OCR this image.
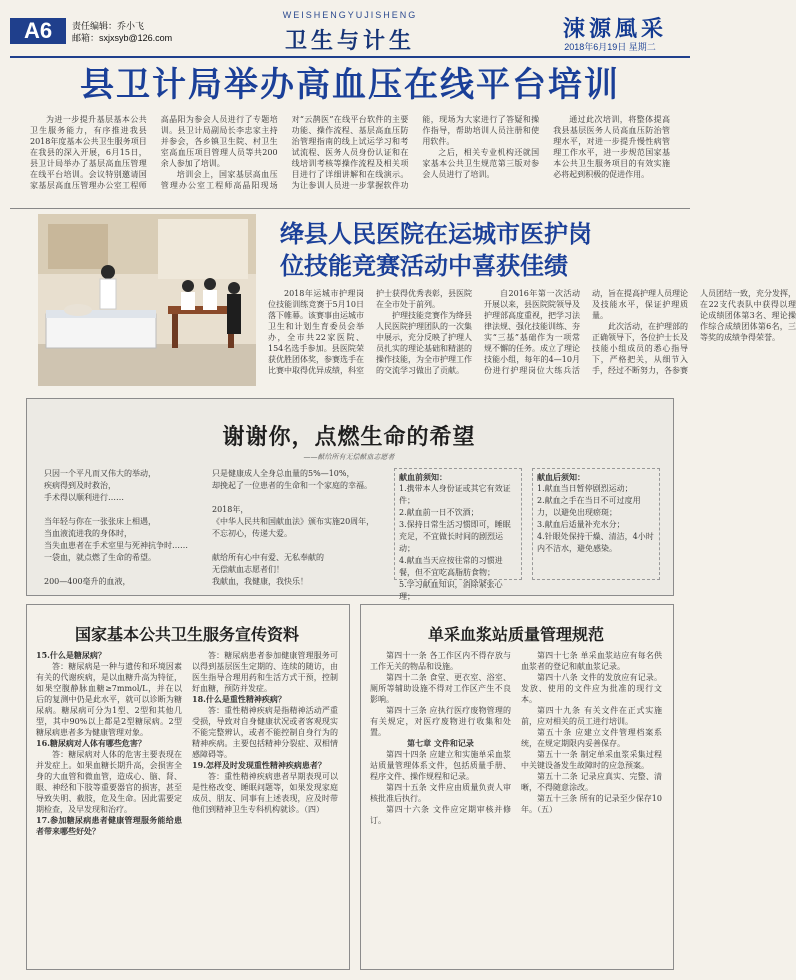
A6	责任编辑：乔小飞
邮箱：sxjxsyb@126.com
WEISHENGYUJISHENG
卫生与计生	涑源風采
2018年6月19日 星期二
县卫计局举办高血压在线平台培训

为进一步提升基层基本公共卫生服务能力，有序推进我县2018年度基本公共卫生服务项目在我县的深入开展，6月15日，县卫计局举办了基层高血压管理在线平台培训。会议特别邀请国家基层高血压管理办公室工程师高晶阳为参会人员进行了专题培训。县卫计局副局长李忠家主持并参会，各乡镇卫生院、村卫生室高血压项目管理人员等共200余人参加了培训。

培训会上，国家基层高血压管理办公室工程师高晶阳现场对“云鹊医”在线平台软件的主要功能、操作流程、基层高血压防治管理指南的线上试运学习和考试流程、医务人员身份认证和在线培训考核等操作流程及相关项目进行了详细讲解和在线演示。为让参训人员进一步掌握软件功能，现场为大家进行了答疑和操作指导，帮助培训人员注册和使用软件。

之后，相关专业机构还就国家基本公共卫生规范第三版对参会人员进行了培训。

通过此次培训，将整体提高我县基层医务人员高血压防治管理水平，对进一步提升慢性病管理工作水平，进一步规范国家基本公共卫生服务项目的有效实施必将起到积极的促进作用。

绛县人民医院在运城市医护岗
位技能竞赛活动中喜获佳绩

2018年运城市护理岗位技能训练竞赛于5月10日落下帷幕。该赛事由运城市卫生和计划生育委员会举办，全市共22家医院、154名选手参加。县医院荣获优胜团体奖，参赛选手在比赛中取得优异成绩，科室护士获得优秀表彰，县医院在全市处于前列。

护理技能竞赛作为绛县人民医院护理团队的一次集中展示，充分反映了护理人员扎实的理论基础和精湛的操作技能，为全市护理工作的交流学习做出了贡献。

自2016年第一次活动开展以来，县医院院领导及护理部高度重视，把学习法律法规、强化技能训练、夯实“三基”基础作为一项常规不懈的任务。成立了理论技能小组，每年的4—10月份进行护理岗位大练兵活动，旨在提高护理人员理论及技能水平，保证护理质量。

此次活动，在护理部的正确领导下，各位护士长及技能小组成员的悉心指导下，严格把关，从细节入手，经过不断努力，各参赛人员团结一致，充分发挥，在22支代表队中获得以理论成绩团体第3名、理论操作综合成绩团体第6名，三等奖的成绩争得荣誉。

谢谢你，点燃生命的希望
——献给所有无偿献血志愿者

只因一个平凡而又伟大的举动，

疾病得到及时救治，

手术得以顺利进行……

当年轻与你在一张张床上相遇，

当血液流进我的身体时，

当失血患者在手术室里与死神抗争时……

一袋血，就点燃了生命的希望。

200—400毫升的血液，

只是健康成人全身总血量的5%—10%，

却挽起了一位患者的生命和一个家庭的幸福。

2018年，

《中华人民共和国献血法》颁布实施20周年，

不忘初心，传递大爱。

献给所有心中有爱、无私奉献的

无偿献血志愿者们！

我献血，我健康，我快乐！

献血前须知：

1.携带本人身份证或其它有效证件；

2.献血前一日不饮酒；

3.保持日常生活习惯即可，睡眠充足，不宜做长时间的剧烈运动；

4.献血当天应按往常的习惯进餐，但不宜吃高脂肪食物；

5.学习献血知识，消除紧张心理；

献血后须知：

1.献血当日暂停剧烈运动；

2.献血之手在当日不可过度用力，以避免出现瘀斑；

3.献血后适量补充水分；

4.针眼处保持干燥、清洁，4小时内不洁水，避免感染。

国家基本公共卫生服务宣传资料

15.什么是糖尿病？

答：糖尿病是一种与遗传和环境因素有关的代谢疾病，是以血糖升高为特征，如果空腹静脉血糖≥7mmol/L，并在以后的复测中仍是此水平，就可以诊断为糖尿病。糖尿病可分为1型、2型和其他几型，其中90%以上都是2型糖尿病。2型糖尿病患者多为健康管理对象。

16.糖尿病对人体有哪些危害？

答：糖尿病对人体的危害主要表现在并发症上。如果血糖长期升高，会损害全身的大血管和微血管，造成心、脑、肾、眼、神经和下肢等重要器官的损害，甚至导致失明、截肢，危及生命。因此需要定期检查，及早发现和治疗。

17.参加糖尿病患者健康管理服务能给患者带来哪些好处？

答：糖尿病患者参加健康管理服务可以得到基层医生定期的、连续的随访，由医生指导合理用药和生活方式干预，控制好血糖，预防并发症。

18.什么是重性精神疾病？

答：重性精神疾病是指精神活动严重受损，导致对自身健康状况或者客观现实不能完整辨认，或者不能控制自身行为的精神疾病。主要包括精神分裂症、双相情感障碍等。

19.怎样及时发现重性精神疾病患者？

答：重性精神疾病患者早期表现可以是性格改变、睡眠问题等，如果发现家庭成员、朋友、同事有上述表现，应及时带他们到精神卫生专科机构就诊。（四）

单采血浆站质量管理规范

第四十一条 各工作区内不得存放与工作无关的物品和设施。

第四十二条 食堂、更衣室、浴室、厕所等辅助设施不得对工作区产生不良影响。

第四十三条 应执行医疗废物管理的有关规定，对医疗废物进行收集和处置。

第七章 文件和记录

第四十四条 应建立和实施单采血浆站质量管理体系文件，包括质量手册、程序文件、操作规程和记录。

第四十五条 文件应由质量负责人审核批准后执行。

第四十六条 文件应定期审核并修订。

第四十七条 单采血浆站应有每名供血浆者的登记和献血浆记录。

第四十八条 文件的发放应有记录。发放、使用的文件应为批准的现行文本。

第四十九条 有关文件在正式实施前，应对相关的员工进行培训。

第五十条 应建立文件管理档案系统，在规定期限内妥善保存。

第五十一条 制定单采血浆采集过程中关键设备发生故障时的应急预案。

第五十二条 记录应真实、完整、清晰，不得随意涂改。

第五十三条 所有的记录至少保存10年。（五）
